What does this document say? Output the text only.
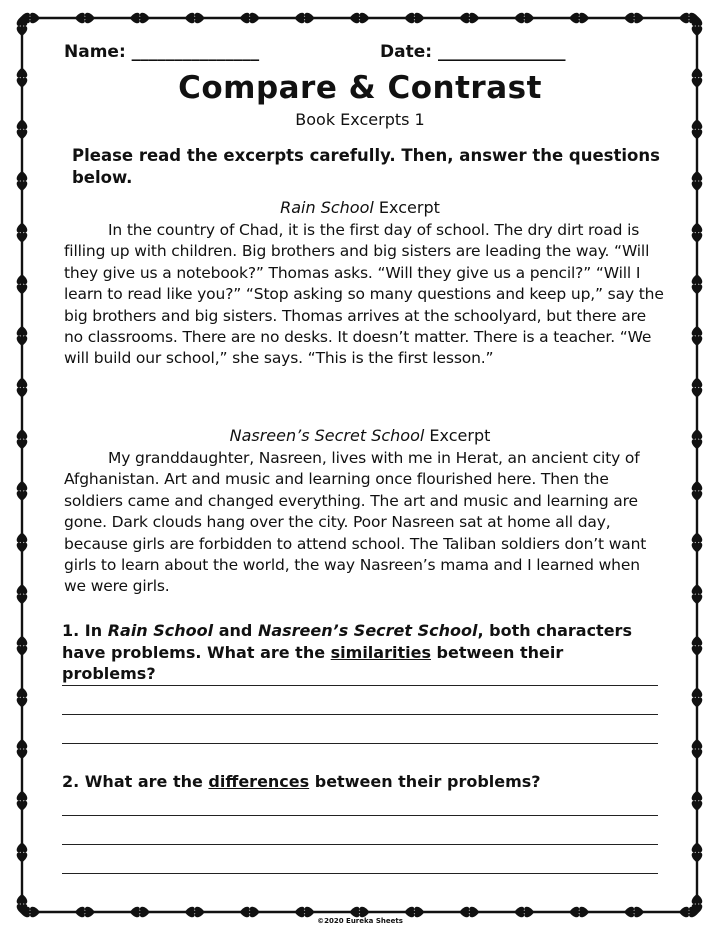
Name: _______________	Date: _______________
Compare & Contrast
Book Excerpts 1
Please read the excerpts carefully. Then, answer the questions below.
Rain School Excerpt
In the country of Chad, it is the first day of school. The dry dirt road is filling up with children. Big brothers and big sisters are leading the way. “Will they give us a notebook?” Thomas asks. “Will they give us a pencil?” “Will I learn to read like you?” “Stop asking so many questions and keep up,” say the big brothers and big sisters. Thomas arrives at the schoolyard, but there are no classrooms. There are no desks. It doesn’t matter. There is a teacher. “We will build our school,” she says. “This is the first lesson.”
Nasreen’s Secret School Excerpt
My granddaughter, Nasreen, lives with me in Herat, an ancient city of Afghanistan. Art and music and learning once flourished here. Then the soldiers came and changed everything. The art and music and learning are gone. Dark clouds hang over the city. Poor Nasreen sat at home all day, because girls are forbidden to attend school. The Taliban soldiers don’t want girls to learn about the world, the way Nasreen’s mama and I learned when we were girls.
1. In Rain School and Nasreen’s Secret School, both characters have problems. What are the similarities between their problems?
2. What are the differences between their problems?
©2020 Eureka Sheets
